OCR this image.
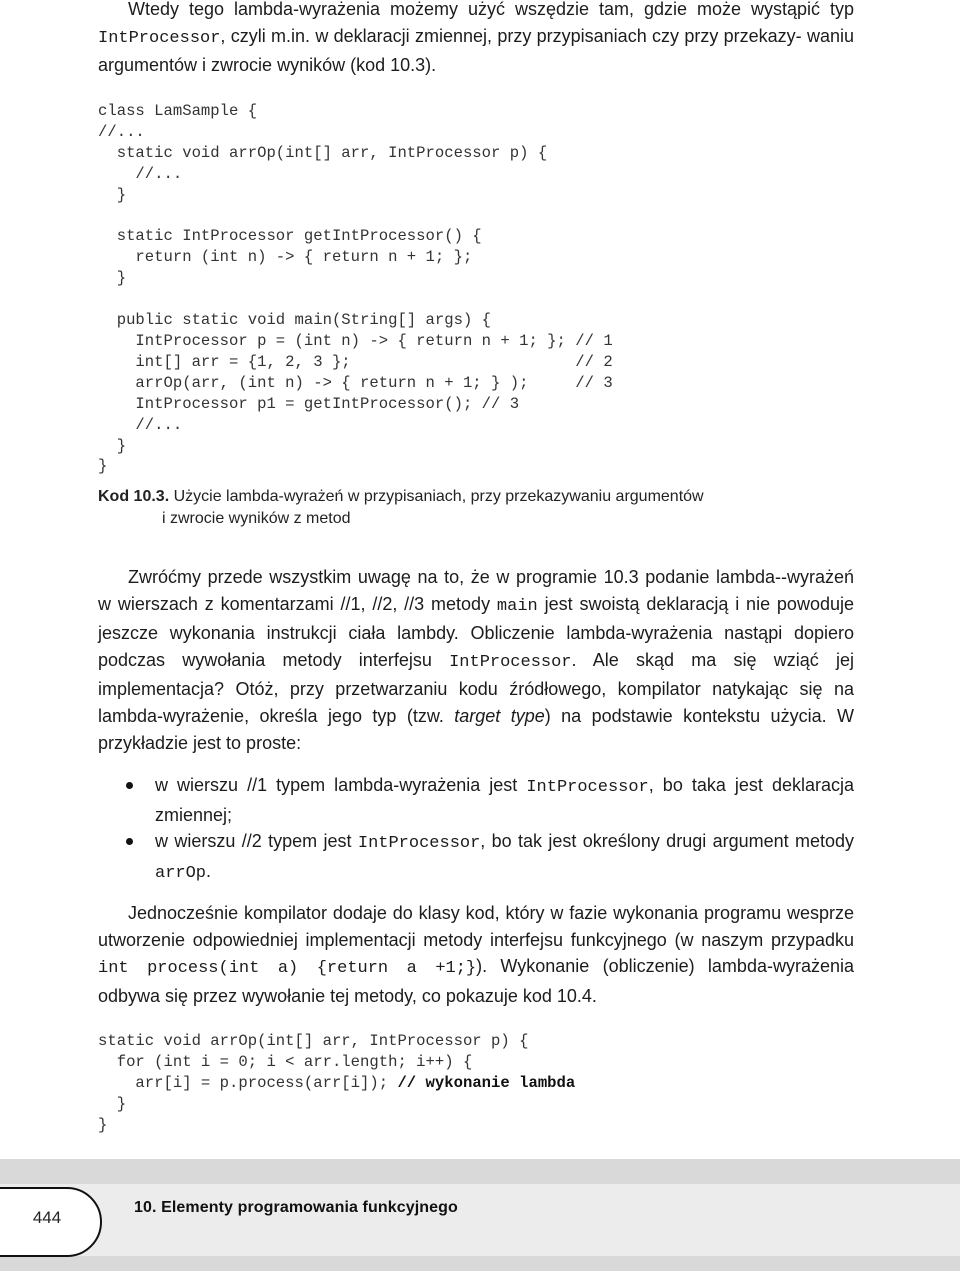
Wtedy tego lambda-wyrażenia możemy użyć wszędzie tam, gdzie może wystąpić typ IntProcessor, czyli m.in. w deklaracji zmiennej, przy przypisaniach czy przy przekazy- waniu argumentów i zwrocie wyników (kod 10.3).
class LamSample {
//...
static void arrOp(int[] arr, IntProcessor p) {
//...
}

static IntProcessor getIntProcessor() {
return (int n) -> { return n + 1; };
}

public static void main(String[] args) {
IntProcessor p = (int n) -> { return n + 1; }; // 1
int[] arr = {1, 2, 3 };                        // 2
arrOp(arr, (int n) -> { return n + 1; } );     // 3
IntProcessor p1 = getIntProcessor(); // 3
//...
}
}
Kod 10.3. Użycie lambda-wyrażeń w przypisaniach, przy przekazywaniu argumentów
i zwrocie wyników z metod
Zwróćmy przede wszystkim uwagę na to, że w programie 10.3 podanie lambda--wyrażeń w wierszach z komentarzami //1, //2, //3 metody main jest swoistą deklaracją i nie powoduje jeszcze wykonania instrukcji ciała lambdy. Obliczenie lambda-wyrażenia nastąpi dopiero podczas wywołania metody interfejsu IntProcessor. Ale skąd ma się wziąć jej implementacja? Otóż, przy przetwarzaniu kodu źródłowego, kompilator natykając się na lambda-wyrażenie, określa jego typ (tzw. target type) na podstawie kontekstu użycia. W przykładzie jest to proste:
w wierszu //1 typem lambda-wyrażenia jest IntProcessor, bo taka jest deklaracja zmiennej;
w wierszu //2 typem jest IntProcessor, bo tak jest określony drugi argument metody arrOp.
Jednocześnie kompilator dodaje do klasy kod, który w fazie wykonania programu wesprze utworzenie odpowiedniej implementacji metody interfejsu funkcyjnego (w naszym przypadku int process(int a) {return a +1;}). Wykonanie (obliczenie) lambda-wyrażenia odbywa się przez wywołanie tej metody, co pokazuje kod 10.4.
static void arrOp(int[] arr, IntProcessor p) {
for (int i = 0; i < arr.length; i++) {
arr[i] = p.process(arr[i]); // wykonanie lambda
}
}
444
10. Elementy programowania funkcyjnego
